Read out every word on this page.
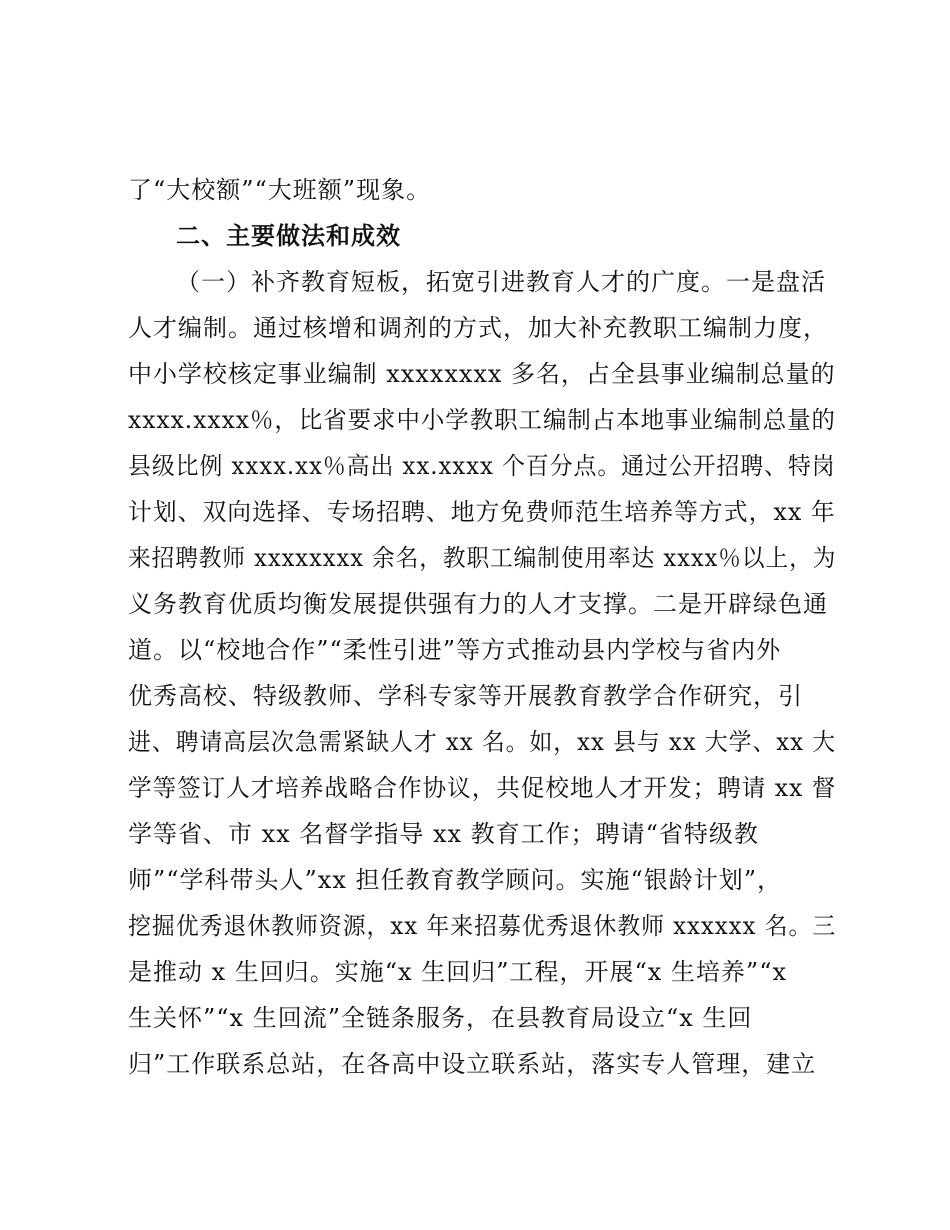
了“大校额”“大班额”现象。
二、主要做法和成效
（一）补齐教育短板，拓宽引进教育人才的广度。一是盘活
人才编制。通过核增和调剂的方式，加大补充教职工编制力度，
中小学校核定事业编制 xxxxxxxx 多名，占全县事业编制总量的
xxxx.xxxx％，比省要求中小学教职工编制占本地事业编制总量的
县级比例 xxxx.xx％高出 xx.xxxx 个百分点。通过公开招聘、特岗
计划、双向选择、专场招聘、地方免费师范生培养等方式，xx 年
来招聘教师 xxxxxxxx 余名，教职工编制使用率达 xxxx％以上，为
义务教育优质均衡发展提供强有力的人才支撑。二是开辟绿色通
道。以“校地合作”“柔性引进”等方式推动县内学校与省内外
优秀高校、特级教师、学科专家等开展教育教学合作研究，引
进、聘请高层次急需紧缺人才 xx 名。如，xx 县与 xx 大学、xx 大
学等签订人才培养战略合作协议，共促校地人才开发；聘请 xx 督
学等省、市 xx 名督学指导 xx 教育工作；聘请“省特级教
师”“学科带头人”xx 担任教育教学顾问。实施“银龄计划”，
挖掘优秀退休教师资源，xx 年来招募优秀退休教师 xxxxxx 名。三
是推动 x 生回归。实施“x 生回归”工程，开展“x 生培养”“x
生关怀”“x 生回流”全链条服务，在县教育局设立“x 生回
归”工作联系总站，在各高中设立联系站，落实专人管理，建立
